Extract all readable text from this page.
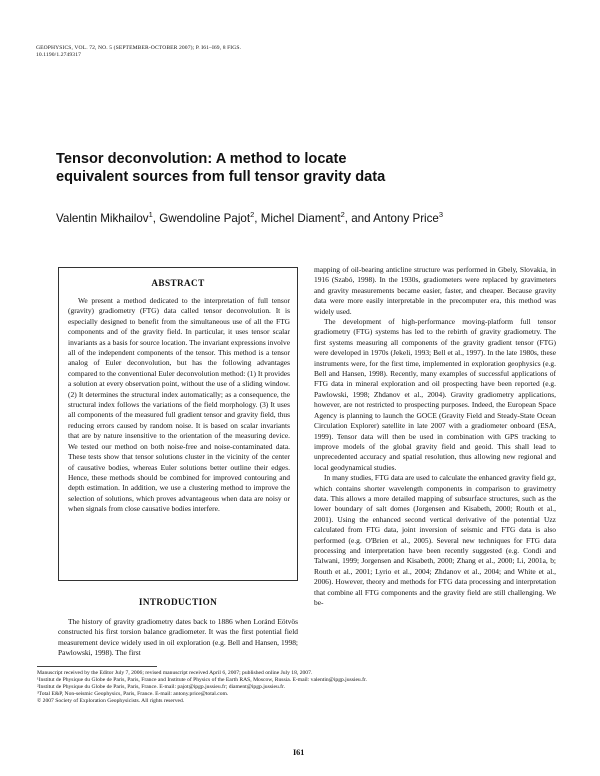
GEOPHYSICS, VOL. 72, NO. 5 (SEPTEMBER-OCTOBER 2007); P. I61–I69, 8 FIGS.
10.1190/1.2749317
Tensor deconvolution: A method to locate
equivalent sources from full tensor gravity data
Valentin Mikhailov$^1$, Gwendoline Pajot$^2$, Michel Diament$^2$, and Antony Price$^3$
ABSTRACT
We present a method dedicated to the interpretation of full tensor (gravity) gradiometry (FTG) data called tensor deconvolution. It is especially designed to benefit from the simultaneous use of all the FTG components and of the gravity field. In particular, it uses tensor scalar invariants as a basis for source location. The invariant expressions involve all of the independent components of the tensor. This method is a tensor analog of Euler deconvolution, but has the following advantages compared to the conventional Euler deconvolution method: (1) It provides a solution at every observation point, without the use of a sliding window. (2) It determines the structural index automatically; as a consequence, the structural index follows the variations of the field morphology. (3) It uses all components of the measured full gradient tensor and gravity field, thus reducing errors caused by random noise. It is based on scalar invariants that are by nature insensitive to the orientation of the measuring device. We tested our method on both noise-free and noise-contaminated data. These tests show that tensor solutions cluster in the vicinity of the center of causative bodies, whereas Euler solutions better outline their edges. Hence, these methods should be combined for improved contouring and depth estimation. In addition, we use a clustering method to improve the selection of solutions, which proves advantageous when data are noisy or when signals from close causative bodies interfere.
INTRODUCTION
The history of gravity gradiometry dates back to 1886 when Loránd Eötvös constructed his first torsion balance gradiometer. It was the first potential field measurement device widely used in oil exploration (e.g. Bell and Hansen, 1998; Pawlowski, 1998). The first

mapping of oil-bearing anticline structure was performed in Gbely, Slovakia, in 1916 (Szabó, 1998). In the 1930s, gradiometers were replaced by gravimeters and gravity measurements became easier, faster, and cheaper. Because gravity data were more easily interpretable in the precomputer era, this method was widely used.

The development of high-performance moving-platform full tensor gradiometry (FTG) systems has led to the rebirth of gravity gradiometry. The first systems measuring all components of the gravity gradient tensor (FTG) were developed in 1970s (Jekeli, 1993; Bell et al., 1997). In the late 1980s, these instruments were, for the first time, implemented in exploration geophysics (e.g. Bell and Hansen, 1998). Recently, many examples of successful applications of FTG data in mineral exploration and oil prospecting have been reported (e.g. Pawlowski, 1998; Zhdanov et al., 2004). Gravity gradiometry applications, however, are not restricted to prospecting purposes. Indeed, the European Space Agency is planning to launch the GOCE (Gravity Field and Steady-State Ocean Circulation Explorer) satellite in late 2007 with a gradiometer onboard (ESA, 1999). Tensor data will then be used in combination with GPS tracking to improve models of the global gravity field and geoid. This shall lead to unprecedented accuracy and spatial resolution, thus allowing new regional and local geodynamical studies.

In many studies, FTG data are used to calculate the enhanced gravity field gz, which contains shorter wavelength components in comparison to gravimetry data. This allows a more detailed mapping of subsurface structures, such as the lower boundary of salt domes (Jorgensen and Kisabeth, 2000; Routh et al., 2001). Using the enhanced second vertical derivative of the potential Uzz calculated from FTG data, joint inversion of seismic and FTG data is also performed (e.g. O'Brien et al., 2005). Several new techniques for FTG data processing and interpretation have been recently suggested (e.g. Condi and Talwani, 1999; Jorgensen and Kisabeth, 2000; Zhang et al., 2000; Li, 2001a, b; Routh et al., 2001; Lyrio et al., 2004; Zhdanov et al., 2004; and White et al., 2006). However, theory and methods for FTG data processing and interpretation that combine all FTG components and the gravity field are still challenging. We be-

Manuscript received by the Editor July 7, 2006; revised manuscript received April 6, 2007; published online July 18, 2007.
¹Institut de Physique du Globe de Paris, Paris, France and Institute of Physics of the Earth RAS, Moscow, Russia. E-mail: valentin@ipgp.jussieu.fr.
²Institut de Physique du Globe de Paris, Paris, France. E-mail: pajot@ipgp.jussieu.fr; diament@ipgp.jussieu.fr.
³Total E&P, Non-seismic Geophysics, Paris, France. E-mail: antony.price@total.com.
© 2007 Society of Exploration Geophysicists. All rights reserved.
I61
